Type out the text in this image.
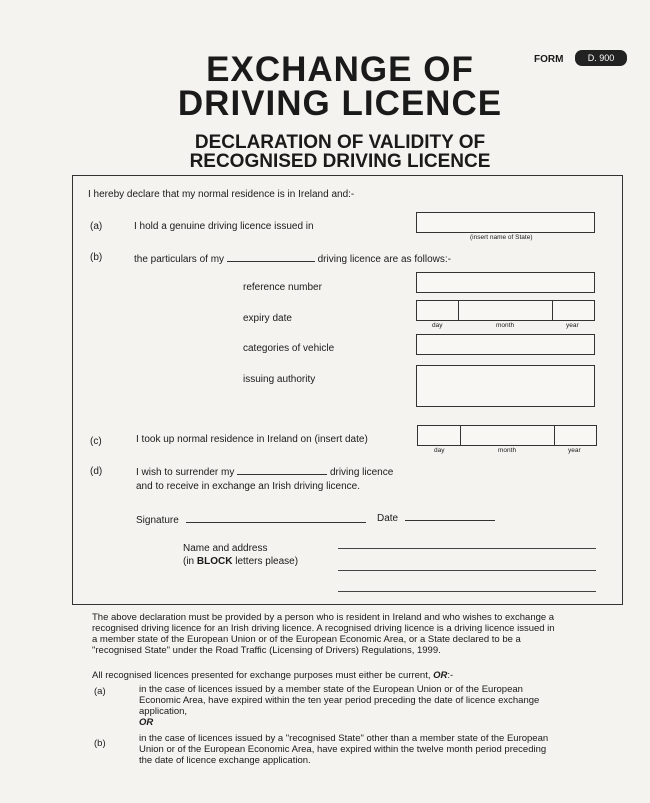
FORM	D. 900
EXCHANGE OF
DRIVING LICENCE
DECLARATION OF VALIDITY OF
RECOGNISED DRIVING LICENCE
I hereby declare that my normal residence is in Ireland and:-
(a)	I hold a genuine driving licence issued in
(insert name of State)
(b)	the particulars of my	driving licence are as follows:-
reference number
expiry date
day	month	year
categories of vehicle
issuing authority
(c)	I took up normal residence in Ireland on (insert date)
day	month	year
(d)	I wish to surrender my	driving licence
and to receive in exchange an Irish driving licence.
Signature	Date
Name and address
(in BLOCK letters please)
The above declaration must be provided by a person who is resident in Ireland and who wishes to exchange a
recognised driving licence for an Irish driving licence. A recognised driving licence is a driving licence issued in
a member state of the European Union or of the European Economic Area, or a State declared to be a
"recognised State" under the Road Traffic (Licensing of Drivers) Regulations, 1999.
All recognised licences presented for exchange purposes must either be current, OR:-
(a)	in the case of licences issued by a member state of the European Union or of the European
Economic Area, have expired within the ten year period preceding the date of licence exchange
application,
OR
(b)	in the case of licences issued by a "recognised State" other than a member state of the European
Union or of the European Economic Area, have expired within the twelve month period preceding
the date of licence exchange application.
